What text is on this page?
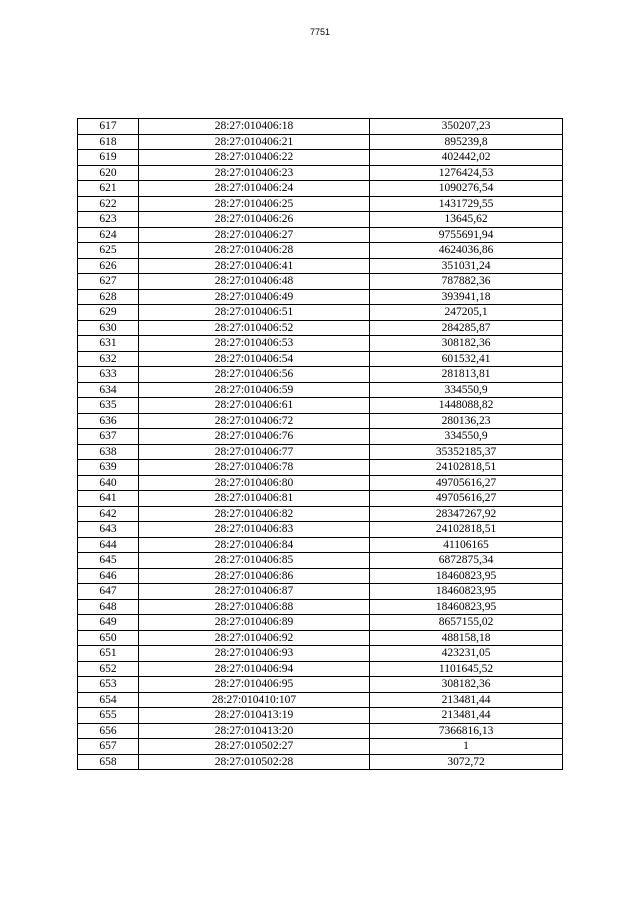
7751
617	28:27:010406:18	350207,23
618	28:27:010406:21	895239,8
619	28:27:010406:22	402442,02
620	28:27:010406:23	1276424,53
621	28:27:010406:24	1090276,54
622	28:27:010406:25	1431729,55
623	28:27:010406:26	13645,62
624	28:27:010406:27	9755691,94
625	28:27:010406:28	4624036,86
626	28:27:010406:41	351031,24
627	28:27:010406:48	787882,36
628	28:27:010406:49	393941,18
629	28:27:010406:51	247205,1
630	28:27:010406:52	284285,87
631	28:27:010406:53	308182,36
632	28:27:010406:54	601532,41
633	28:27:010406:56	281813,81
634	28:27:010406:59	334550,9
635	28:27:010406:61	1448088,82
636	28:27:010406:72	280136,23
637	28:27:010406:76	334550,9
638	28:27:010406:77	35352185,37
639	28:27:010406:78	24102818,51
640	28:27:010406:80	49705616,27
641	28:27:010406:81	49705616,27
642	28:27:010406:82	28347267,92
643	28:27:010406:83	24102818,51
644	28:27:010406:84	41106165
645	28:27:010406:85	6872875,34
646	28:27:010406:86	18460823,95
647	28:27:010406:87	18460823,95
648	28:27:010406:88	18460823,95
649	28:27:010406:89	8657155,02
650	28:27:010406:92	488158,18
651	28:27:010406:93	423231,05
652	28:27:010406:94	1101645,52
653	28:27:010406:95	308182,36
654	28:27:010410:107	213481,44
655	28:27:010413:19	213481,44
656	28:27:010413:20	7366816,13
657	28:27:010502:27	1
658	28:27:010502:28	3072,72
